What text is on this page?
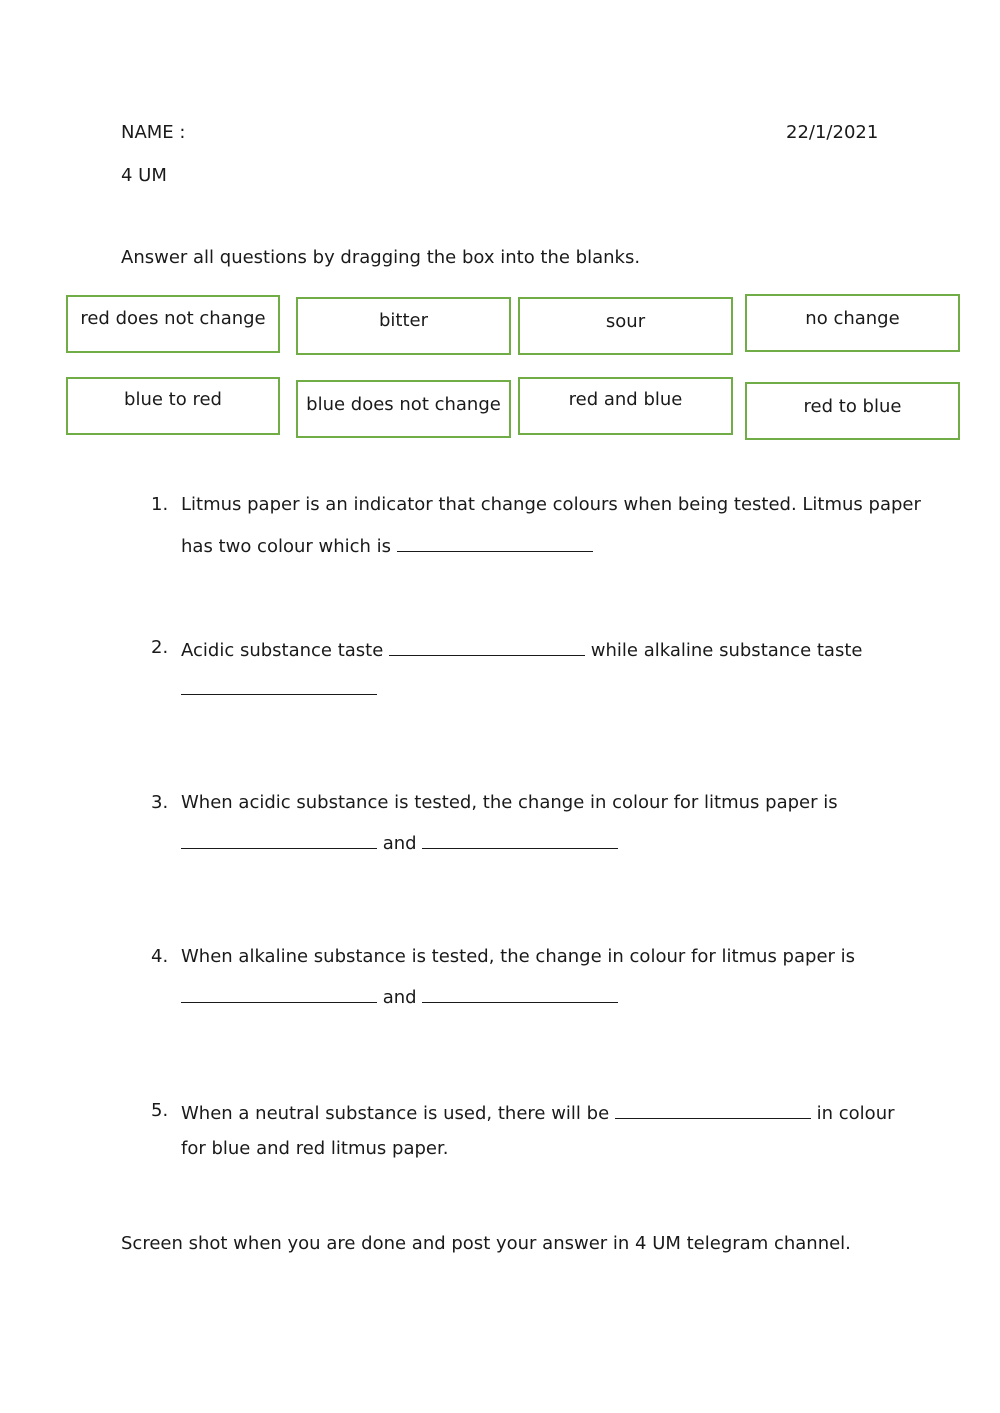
NAME :	22/1/2021
4 UM
Answer all questions by dragging the box into the blanks.
red does not change	bitter	sour	no change
blue to red	blue does not change	red and blue	red to blue
1. Litmus paper is an indicator that change colours when being tested. Litmus paper
has two colour which is
2. Acidic substance taste	while alkaline substance taste
3. When acidic substance is tested, the change in colour for litmus paper is
and
4. When alkaline substance is tested, the change in colour for litmus paper is
and
5. When a neutral substance is used, there will be	in colour
for blue and red litmus paper.
Screen shot when you are done and post your answer in 4 UM telegram channel.
